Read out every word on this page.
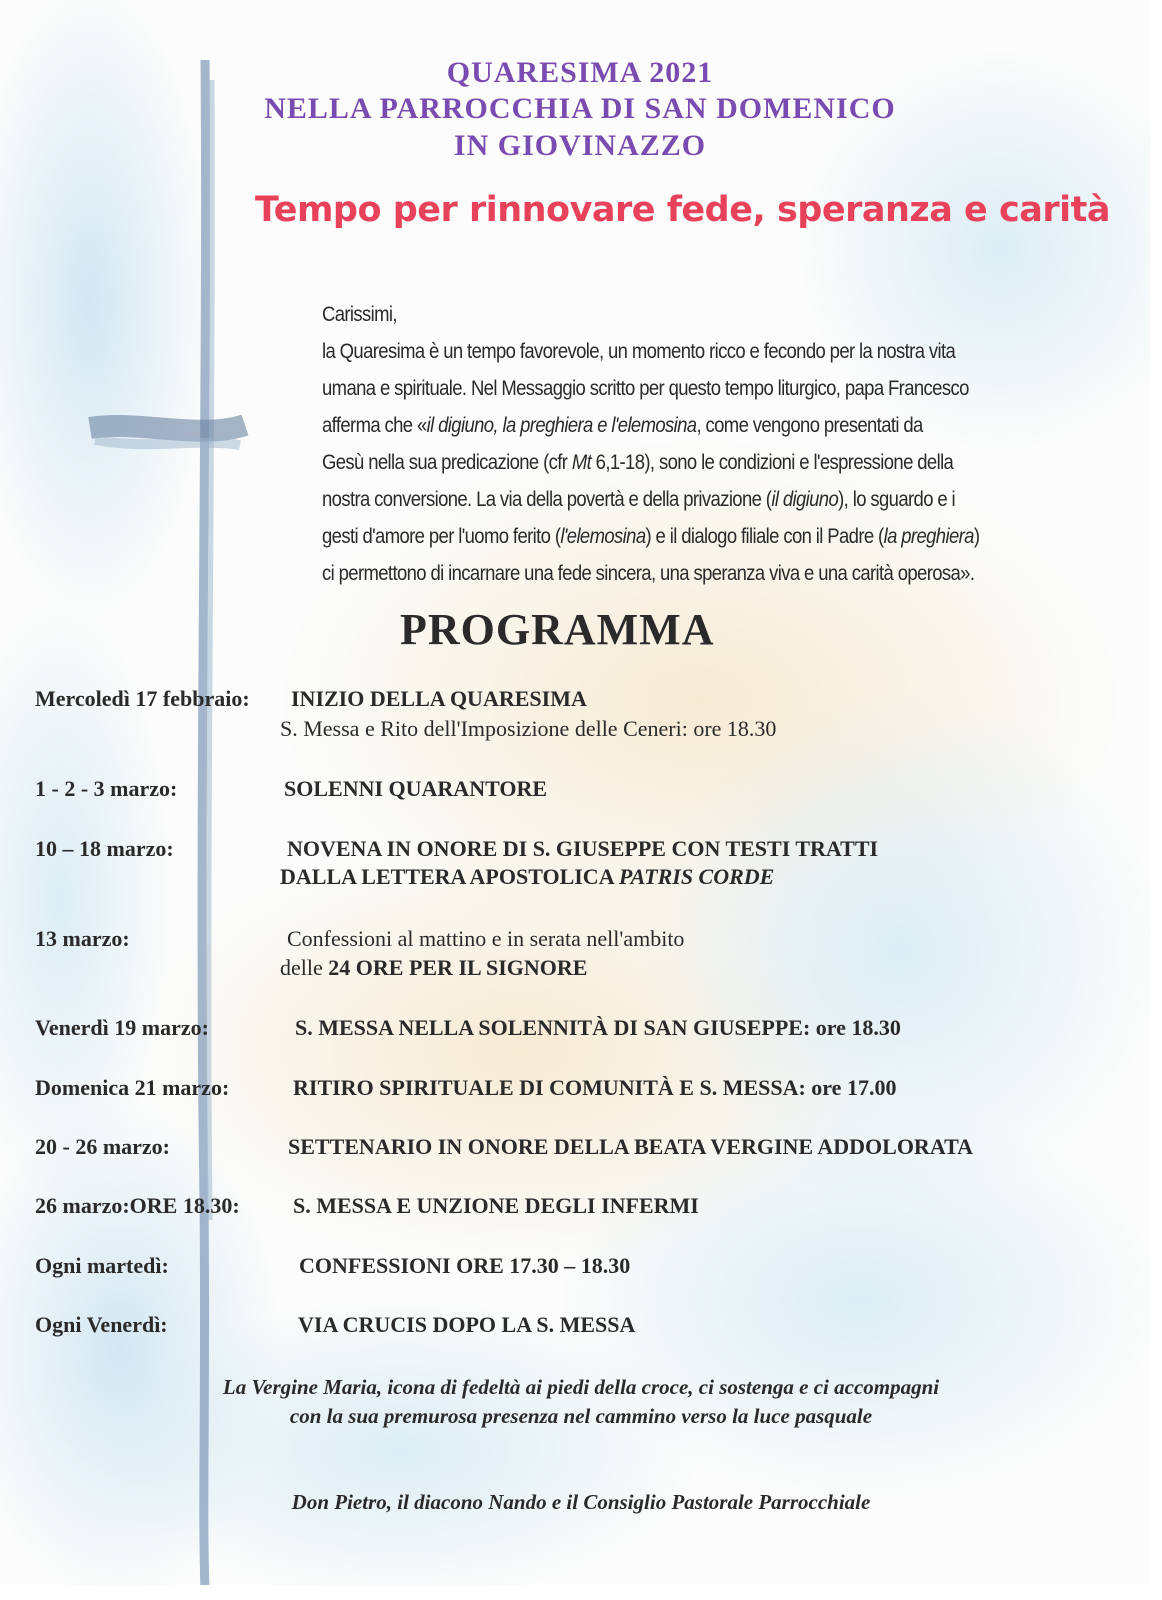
QUARESIMA 2021
NELLA PARROCCHIA DI SAN DOMENICO
IN GIOVINAZZO
Tempo per rinnovare fede, speranza e carità
Carissimi,
la Quaresima è un tempo favorevole, un momento ricco e fecondo per la nostra vita
umana e spirituale. Nel Messaggio scritto per questo tempo liturgico, papa Francesco
afferma che «il digiuno, la preghiera e l'elemosina, come vengono presentati da
Gesù nella sua predicazione (cfr Mt 6,1-18), sono le condizioni e l'espressione della
nostra conversione. La via della povertà e della privazione (il digiuno), lo sguardo e i
gesti d'amore per l'uomo ferito (l'elemosina) e il dialogo filiale con il Padre (la preghiera)
ci permettono di incarnare una fede sincera, una speranza viva e una carità operosa».
PROGRAMMA
Mercoledì 17 febbraio: INIZIO DELLA QUARESIMA
S. Messa e Rito dell'Imposizione delle Ceneri: ore 18.30
1 - 2 - 3 marzo:	SOLENNI QUARANTORE
10 – 18 marzo:	NOVENA IN ONORE DI S. GIUSEPPE CON TESTI TRATTI
DALLA LETTERA APOSTOLICA PATRIS CORDE
13 marzo:	Confessioni al mattino e in serata nell'ambito
delle 24 ORE PER IL SIGNORE
Venerdì 19 marzo:	S. MESSA NELLA SOLENNITÀ DI SAN GIUSEPPE: ore 18.30
Domenica 21 marzo:	RITIRO SPIRITUALE DI COMUNITÀ E S. MESSA: ore 17.00
20 - 26 marzo:	SETTENARIO IN ONORE DELLA BEATA VERGINE ADDOLORATA
26 marzo:ORE 18.30: S. MESSA E UNZIONE DEGLI INFERMI
Ogni martedì:	CONFESSIONI ORE 17.30 – 18.30
Ogni Venerdì:	VIA CRUCIS DOPO LA S. MESSA
La Vergine Maria, icona di fedeltà ai piedi della croce, ci sostenga e ci accompagni
con la sua premurosa presenza nel cammino verso la luce pasquale
Don Pietro, il diacono Nando e il Consiglio Pastorale Parrocchiale
